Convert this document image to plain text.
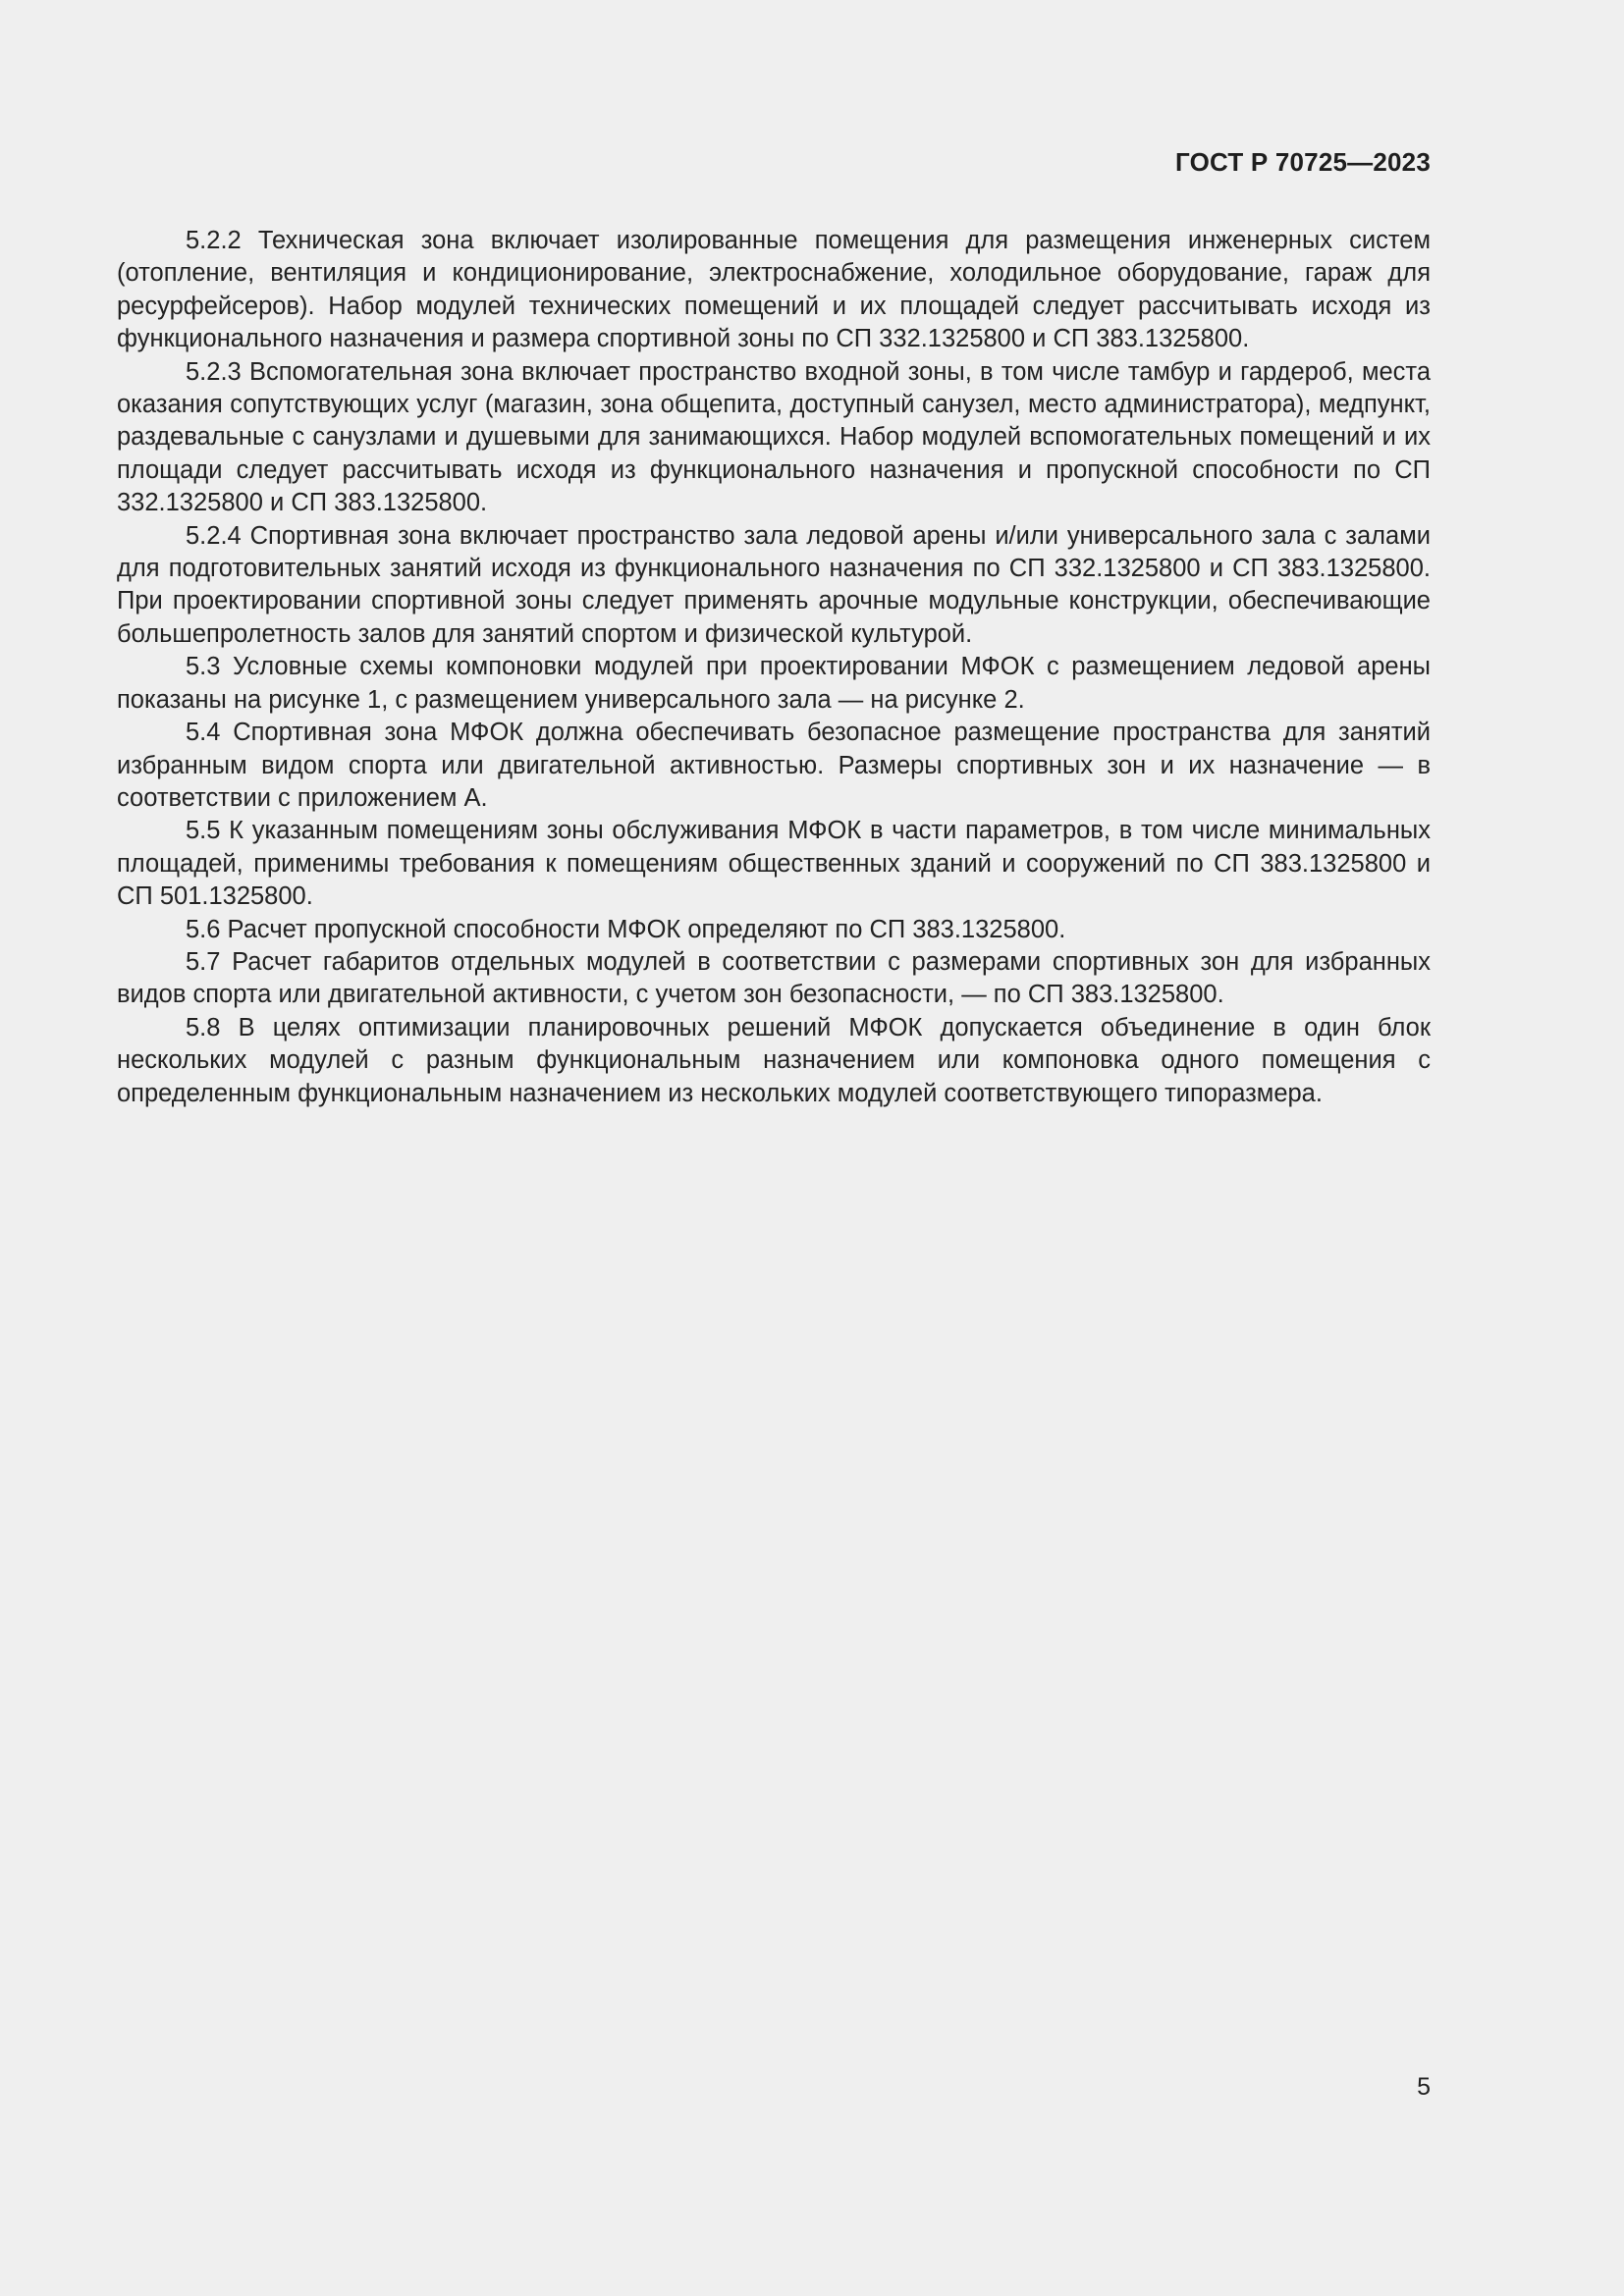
ГОСТ Р 70725—2023

5.2.2 Техническая зона включает изолированные помещения для размещения инженерных систем (отопление, вентиляция и кондиционирование, электроснабжение, холодильное оборудование, гараж для ресурфейсеров). Набор модулей технических помещений и их площадей следует рассчитывать исходя из функционального назначения и размера спортивной зоны по СП 332.1325800 и СП 383.1325800.

5.2.3 Вспомогательная зона включает пространство входной зоны, в том числе тамбур и гардероб, места оказания сопутствующих услуг (магазин, зона общепита, доступный санузел, место администратора), медпункт, раздевальные с санузлами и душевыми для занимающихся. Набор модулей вспомогательных помещений и их площади следует рассчитывать исходя из функционального назначения и пропускной способности по СП 332.1325800 и СП 383.1325800.

5.2.4 Спортивная зона включает пространство зала ледовой арены и/или универсального зала с залами для подготовительных занятий исходя из функционального назначения по СП 332.1325800 и СП 383.1325800. При проектировании спортивной зоны следует применять арочные модульные конструкции, обеспечивающие большепролетность залов для занятий спортом и физической культурой.

5.3 Условные схемы компоновки модулей при проектировании МФОК с размещением ледовой арены показаны на рисунке 1, с размещением универсального зала — на рисунке 2.

5.4 Спортивная зона МФОК должна обеспечивать безопасное размещение пространства для занятий избранным видом спорта или двигательной активностью. Размеры спортивных зон и их назначение — в соответствии с приложением А.

5.5 К указанным помещениям зоны обслуживания МФОК в части параметров, в том числе минимальных площадей, применимы требования к помещениям общественных зданий и сооружений по СП 383.1325800 и СП 501.1325800.

5.6 Расчет пропускной способности МФОК определяют по СП 383.1325800.

5.7 Расчет габаритов отдельных модулей в соответствии с размерами спортивных зон для избранных видов спорта или двигательной активности, с учетом зон безопасности, — по СП 383.1325800.

5.8 В целях оптимизации планировочных решений МФОК допускается объединение в один блок нескольких модулей с разным функциональным назначением или компоновка одного помещения с определенным функциональным назначением из нескольких модулей соответствующего типоразмера.

5
